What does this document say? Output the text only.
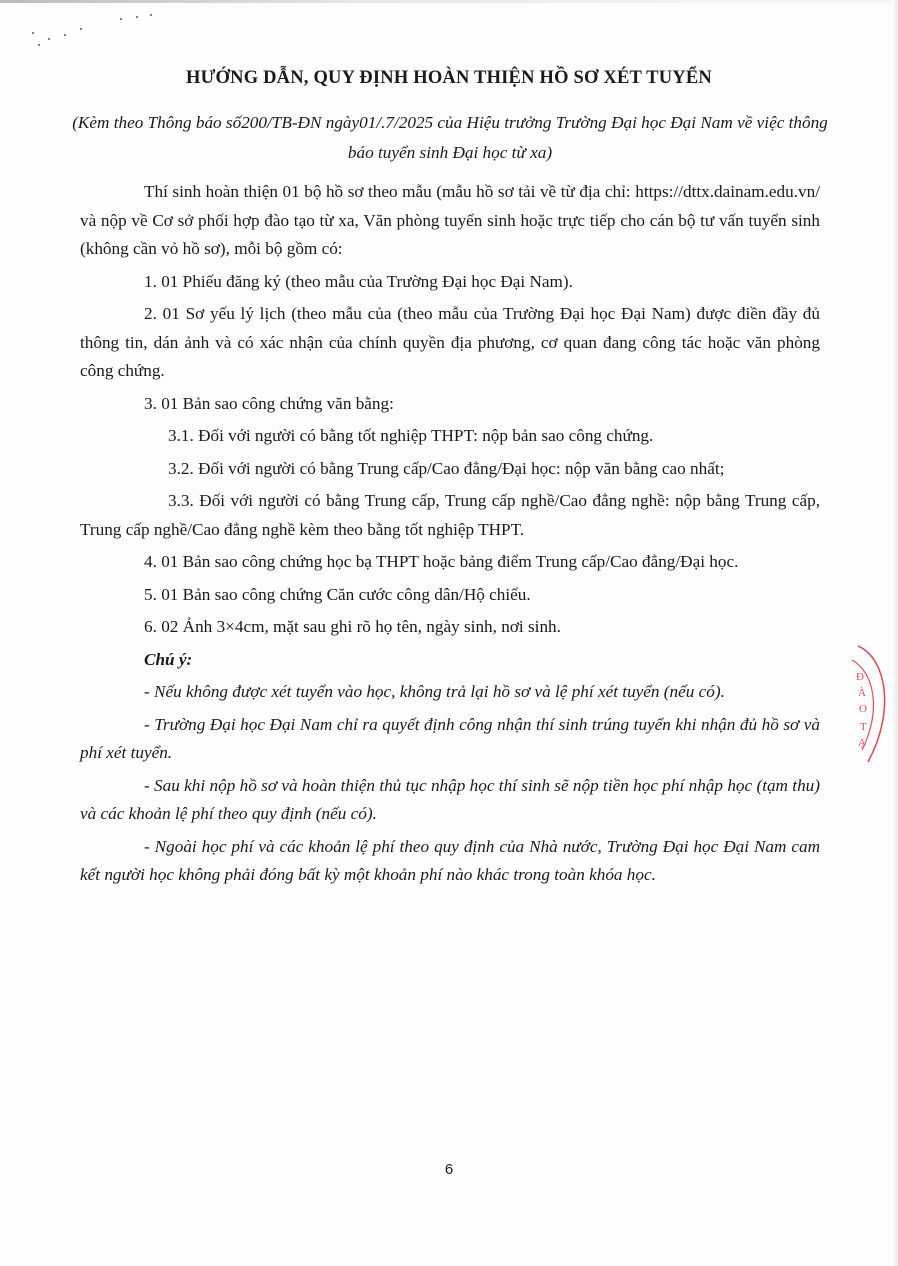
HƯỚNG DẪN, QUY ĐỊNH HOÀN THIỆN HỒ SƠ XÉT TUYỂN
(Kèm theo Thông báo số200/TB-ĐN ngày01/.7/2025 của Hiệu trưởng Trường Đại học Đại Nam về việc thông báo tuyển sinh Đại học từ xa)
Thí sinh hoàn thiện 01 bộ hồ sơ theo mẫu (mẫu hồ sơ tải về từ địa chỉ: https://dttx.dainam.edu.vn/ và nộp về Cơ sở phối hợp đào tạo từ xa, Văn phòng tuyển sinh hoặc trực tiếp cho cán bộ tư vấn tuyển sinh (không cần vỏ hồ sơ), mỗi bộ gồm có:
1. 01 Phiếu đăng ký (theo mẫu của Trường Đại học Đại Nam).
2. 01 Sơ yếu lý lịch (theo mẫu của (theo mẫu của Trường Đại học Đại Nam) được điền đầy đủ thông tin, dán ảnh và có xác nhận của chính quyền địa phương, cơ quan đang công tác hoặc văn phòng công chứng.
3. 01 Bản sao công chứng văn bằng:
3.1. Đối với người có bằng tốt nghiệp THPT: nộp bản sao công chứng.
3.2. Đối với người có bằng Trung cấp/Cao đẳng/Đại học: nộp văn bằng cao nhất;
3.3. Đối với người có bằng Trung cấp, Trung cấp nghề/Cao đẳng nghề: nộp bằng Trung cấp, Trung cấp nghề/Cao đẳng nghề kèm theo bằng tốt nghiệp THPT.
4. 01 Bản sao công chứng học bạ THPT hoặc bảng điểm Trung cấp/Cao đẳng/Đại học.
5. 01 Bản sao công chứng Căn cước công dân/Hộ chiếu.
6. 02 Ảnh 3×4cm, mặt sau ghi rõ họ tên, ngày sinh, nơi sinh.
Chú ý:
- Nếu không được xét tuyển vào học, không trả lại hồ sơ và lệ phí xét tuyển (nếu có).
- Trường Đại học Đại Nam chỉ ra quyết định công nhận thí sinh trúng tuyển khi nhận đủ hồ sơ và phí xét tuyển.
- Sau khi nộp hồ sơ và hoàn thiện thủ tục nhập học thí sinh sẽ nộp tiền học phí nhập học (tạm thu) và các khoản lệ phí theo quy định (nếu có).
- Ngoài học phí và các khoản lệ phí theo quy định của Nhà nước, Trường Đại học Đại Nam cam kết người học không phải đóng bất kỳ một khoản phí nào khác trong toàn khóa học.
Đ
À
O
T
Ạ
6
